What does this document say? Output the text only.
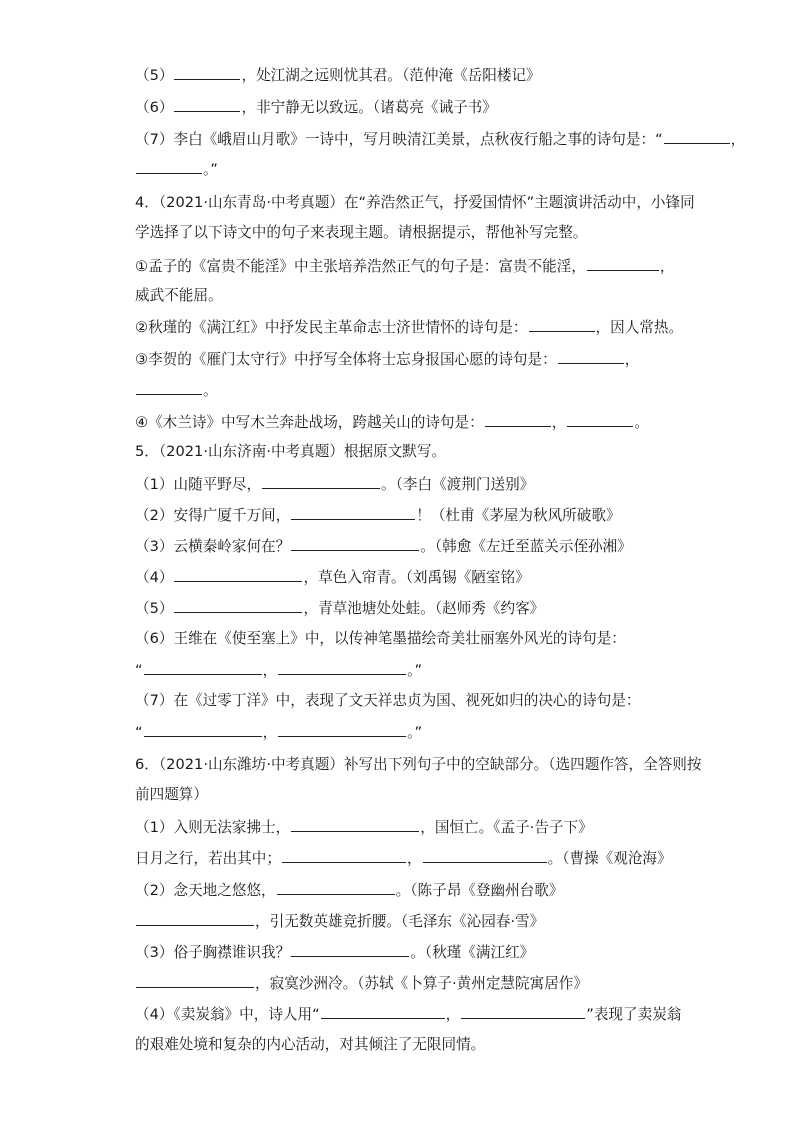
（5）	，处江湖之远则忧其君。（范仲淹《岳阳楼记》
（6）	，非宁静无以致远。（诸葛亮《诫子书》
（7）李白《峨眉山月歌》一诗中，写月映清江美景，点秋夜行船之事的诗句是：“	，
。”
4．（2021·山东青岛·中考真题）在“养浩然正气，抒爱国情怀”主题演讲活动中，小锋同
学选择了以下诗文中的句子来表现主题。请根据提示，帮他补写完整。
①孟子的《富贵不能淫》中主张培养浩然正气的句子是：富贵不能淫，	，
威武不能屈。
②秋瑾的《满江红》中抒发民主革命志士济世情怀的诗句是：	，因人常热。
③李贺的《雁门太守行》中抒写全体将士忘身报国心愿的诗句是：	，
。
④《木兰诗》中写木兰奔赴战场，跨越关山的诗句是：	，	。
5．（2021·山东济南·中考真题）根据原文默写。
（1）山随平野尽，	。（李白《渡荆门送别》
（2）安得广厦千万间，	！（杜甫《茅屋为秋风所破歌》
（3）云横秦岭家何在？	。（韩愈《左迁至蓝关示侄孙湘》
（4）	，草色入帘青。（刘禹锡《陋室铭》
（5）	，青草池塘处处蛙。（赵师秀《约客》
（6）王维在《使至塞上》中，以传神笔墨描绘奇美壮丽塞外风光的诗句是：
“	，	。”
（7）在《过零丁洋》中，表现了文天祥忠贞为国、视死如归的决心的诗句是：
“	，	。”
6．（2021·山东潍坊·中考真题）补写出下列句子中的空缺部分。（选四题作答，全答则按
前四题算）
（1）入则无法家拂士，	，国恒亡。《孟子·告子下》
日月之行，若出其中；	，	。（曹操《观沧海》
（2）念天地之悠悠，	。（陈子昂《登幽州台歌》
，引无数英雄竞折腰。（毛泽东《沁园春·雪》
（3）俗子胸襟谁识我？	。（秋瑾《满江红》
，寂寞沙洲冷。（苏轼《卜算子·黄州定慧院寓居作》
（4）《卖炭翁》中，诗人用“	，	”表现了卖炭翁
的艰难处境和复杂的内心活动，对其倾注了无限同情。
